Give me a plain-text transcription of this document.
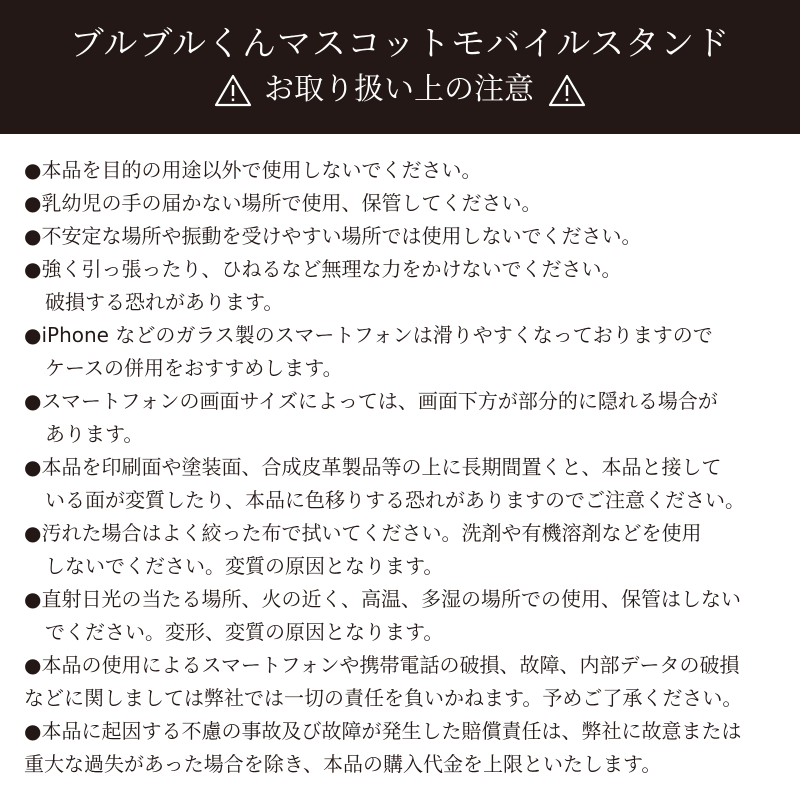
ブルブルくんマスコットモバイルスタンド
お取り扱い上の注意
●本品を目的の用途以外で使用しないでください。
●乳幼児の手の届かない場所で使用、保管してください。
●不安定な場所や振動を受けやすい場所では使用しないでください。
●強く引っ張ったり、ひねるなど無理な力をかけないでください。
破損する恐れがあります。
●iPhone などのガラス製のスマートフォンは滑りやすくなっておりますので
ケースの併用をおすすめします。
●スマートフォンの画面サイズによっては、画面下方が部分的に隠れる場合が
あります。
●本品を印刷面や塗装面、合成皮革製品等の上に長期間置くと、本品と接して
いる面が変質したり、本品に色移りする恐れがありますのでご注意ください。
●汚れた場合はよく絞った布で拭いてください。洗剤や有機溶剤などを使用
しないでください。変質の原因となります。
●直射日光の当たる場所、火の近く、高温、多湿の場所での使用、保管はしない
でください。変形、変質の原因となります。
●本品の使用によるスマートフォンや携帯電話の破損、故障、内部データの破損
などに関しましては弊社では一切の責任を負いかねます。予めご了承ください。
●本品に起因する不慮の事故及び故障が発生した賠償責任は、弊社に故意または
重大な過失があった場合を除き、本品の購入代金を上限といたします。
